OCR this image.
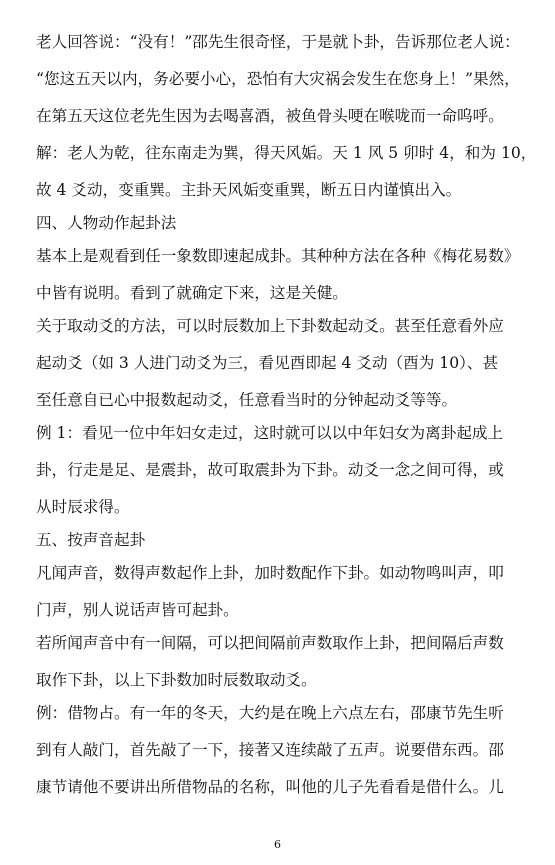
老人回答说：“没有！”邵先生很奇怪，于是就卜卦，告诉那位老人说：
“您这五天以内，务必要小心，恐怕有大灾祸会发生在您身上！”果然，
在第五天这位老先生因为去喝喜酒，被鱼骨头哽在喉咙而一命呜呼。
解：老人为乾，往东南走为巽，得天风姤。天 1 风 5 卯时 4，和为 10，
故 4 爻动，变重巽。主卦天风姤变重巽，断五日内谨慎出入。
四、人物动作起卦法
基本上是观看到任一象数即速起成卦。其种种方法在各种《梅花易数》
中皆有说明。看到了就确定下来，这是关健。
关于取动爻的方法，可以时辰数加上下卦数起动爻。甚至任意看外应
起动爻（如 3 人进门动爻为三，看见酉即起 4 爻动（酉为 10）、甚
至任意自已心中报数起动爻，任意看当时的分钟起动爻等等。
例 1：看见一位中年妇女走过，这时就可以以中年妇女为离卦起成上
卦，行走是足、是震卦，故可取震卦为下卦。动爻一念之间可得，或
从时辰求得。
五、按声音起卦
凡闻声音，数得声数起作上卦，加时数配作下卦。如动物鸣叫声，叩
门声，别人说话声皆可起卦。
若所闻声音中有一间隔，可以把间隔前声数取作上卦，把间隔后声数
取作下卦，以上下卦数加时辰数取动爻。
例：借物占。有一年的冬天，大约是在晚上六点左右，邵康节先生听
到有人敲门，首先敲了一下，接著又连续敲了五声。说要借东西。邵
康节请他不要讲出所借物品的名称，叫他的儿子先看看是借什么。儿
6
